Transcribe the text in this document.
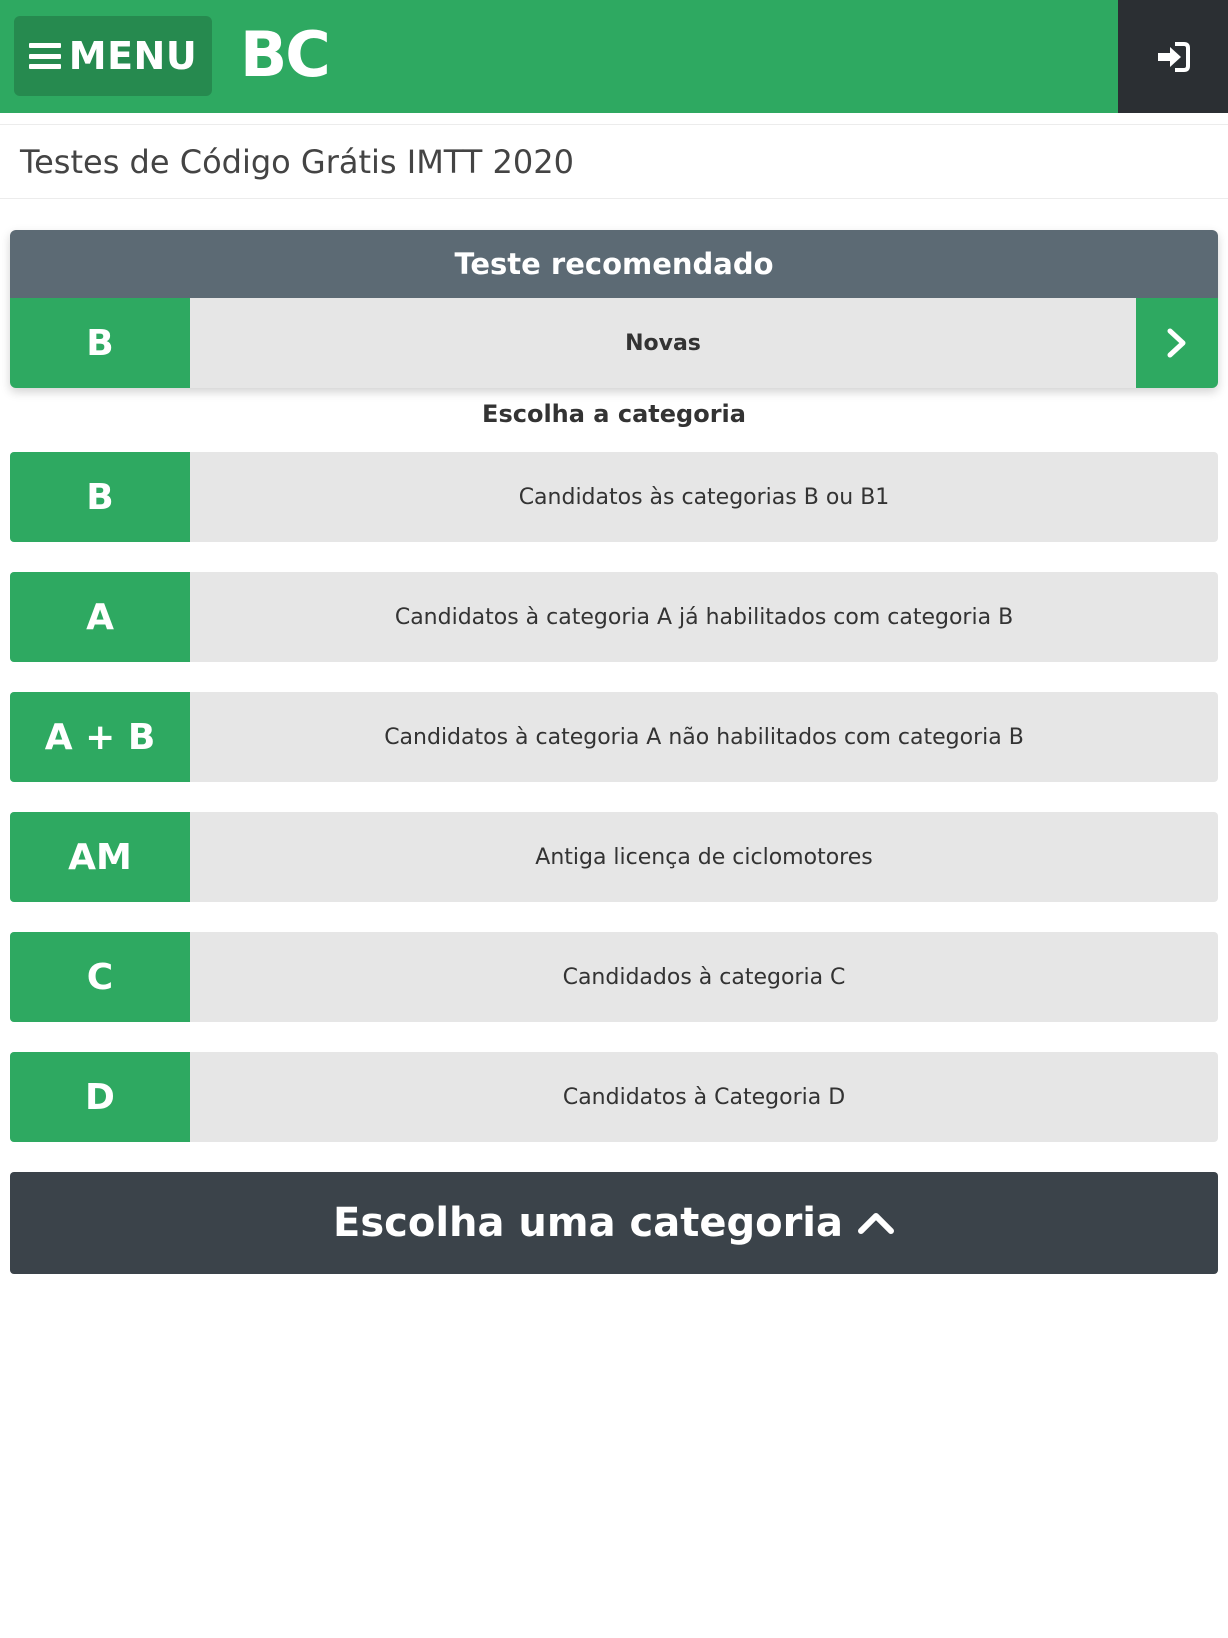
MENU BC
Testes de Código Grátis IMTT 2020
Teste recomendado
B	Novas
Escolha a categoria
B	Candidatos às categorias B ou B1
A	Candidatos à categoria A já habilitados com categoria B
A + B	Candidatos à categoria A não habilitados com categoria B
AM	Antiga licença de ciclomotores
C	Candidados à categoria C
D	Candidatos à Categoria D
Escolha uma categoria
